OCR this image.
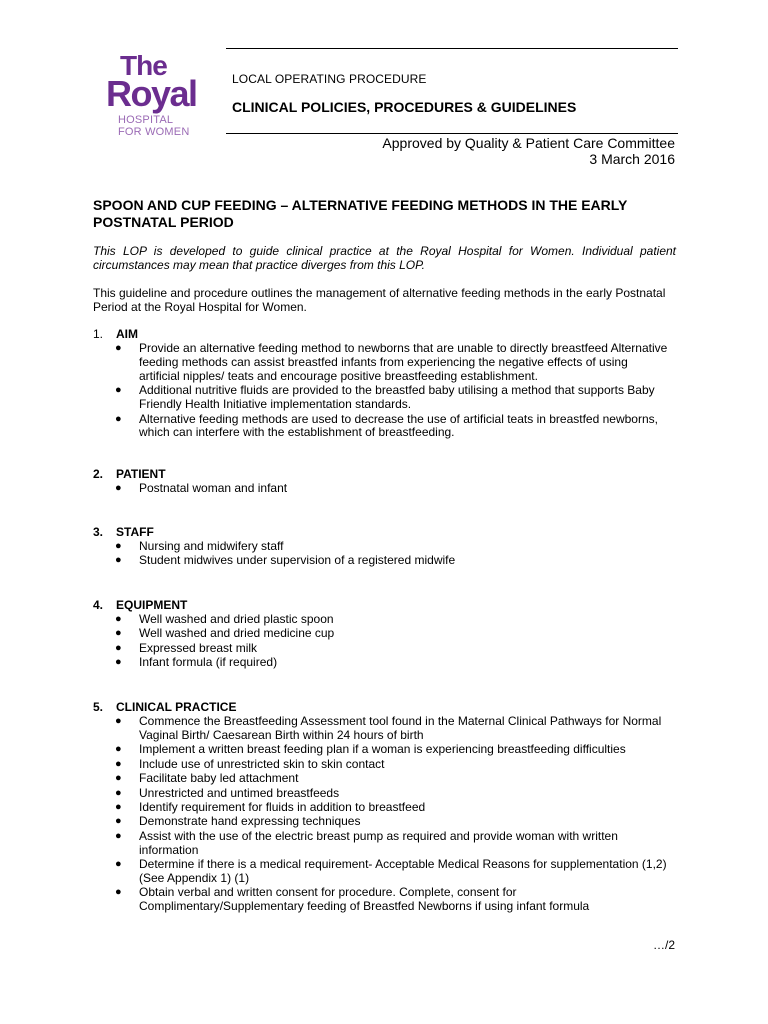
The
Royal
HOSPITAL
FOR WOMEN
LOCAL OPERATING PROCEDURE
CLINICAL POLICIES, PROCEDURES & GUIDELINES
Approved by Quality & Patient Care Committee
3 March 2016
SPOON AND CUP FEEDING – ALTERNATIVE FEEDING METHODS IN THE EARLY POSTNATAL PERIOD
This LOP is developed to guide clinical practice at the Royal Hospital for Women. Individual patient circumstances may mean that practice diverges from this LOP.
This guideline and procedure outlines the management of alternative feeding methods in the early Postnatal Period at the Royal Hospital for Women.
1. AIM
● Provide an alternative feeding method to newborns that are unable to directly breastfeed Alternative feeding methods can assist breastfed infants from experiencing the negative effects of using artificial nipples/ teats and encourage positive breastfeeding establishment.
● Additional nutritive fluids are provided to the breastfed baby utilising a method that supports Baby Friendly Health Initiative implementation standards.
● Alternative feeding methods are used to decrease the use of artificial teats in breastfed newborns, which can interfere with the establishment of breastfeeding.
2. PATIENT
● Postnatal woman and infant
3. STAFF
● Nursing and midwifery staff
● Student midwives under supervision of a registered midwife
4. EQUIPMENT
● Well washed and dried plastic spoon
● Well washed and dried medicine cup
● Expressed breast milk
● Infant formula (if required)
5. CLINICAL PRACTICE
● Commence the Breastfeeding Assessment tool found in the Maternal Clinical Pathways for Normal Vaginal Birth/ Caesarean Birth within 24 hours of birth
● Implement a written breast feeding plan if a woman is experiencing breastfeeding difficulties
● Include use of unrestricted skin to skin contact
● Facilitate baby led attachment
● Unrestricted and untimed breastfeeds
● Identify requirement for fluids in addition to breastfeed
● Demonstrate hand expressing techniques
● Assist with the use of the electric breast pump as required and provide woman with written information
● Determine if there is a medical requirement- Acceptable Medical Reasons for supplementation (1,2) (See Appendix 1) (1)
● Obtain verbal and written consent for procedure. Complete, consent for Complimentary/Supplementary feeding of Breastfed Newborns if using infant formula
…/2
